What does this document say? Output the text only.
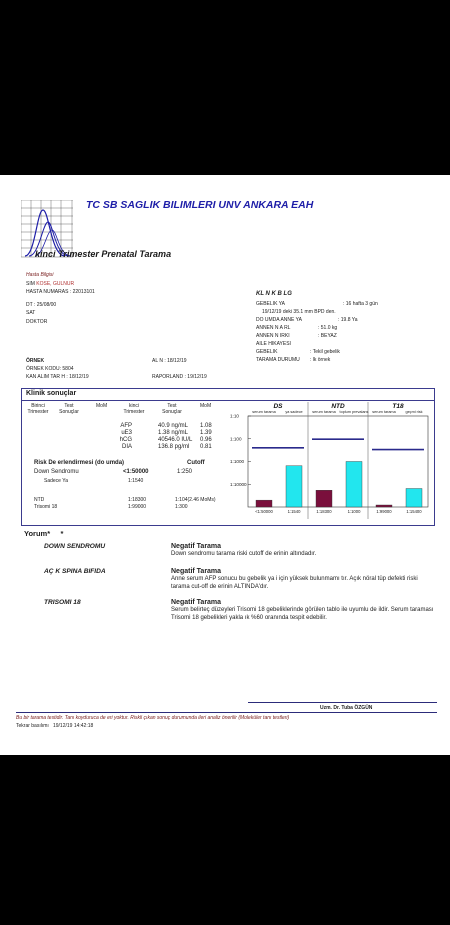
TC SB SAGLIK BILIMLERI UNV ANKARA EAH
kinci Trimester Prenatal Tarama
Hasta Bilgisi
SIM KOSE, GULNUR
HASTA NUMARAS : 22013101
DT : 25/08/00
SAT
DOKTOR
KL N K B LG
ÖRNEK
ÖRNEK KODU: 5804
KAN ALIM TAR H : 18/12/19
AL N : 18/12/19
RAPORLAND : 19/12/19
Klinik sonuçlar
Birinci Trimester
Test Sonuçlar
MoM	kinci Trimester
Test Sonuçlar
MoM
Risk De erlendirmesi (do umda)	Cutoff
Down Sendromu	<1:50000	1:250
Sadece Ya	1:1540
NTD	1:18300	1:104(2.46 MoMs)
Trisomi 18	1:99000	1:300
1:10
1:100
1:1000
1:10000
DS
serum tarama
<1:50000
ya sadece
1:1540
NTD
serum tarama
1:18300
toplum prevalans
1:1000
T18
serum tarama
1:99000
geçmi risk
1:15400
AFP	40.9 ng/mL 1.08
uE3	1.38 ng/mL 1.39
hCG	40546.0 IU/L 0.96
DIA	136.8 pg/ml 0.81
Yorum* *
Uzm. Dr. Tuba ÖZGÜN
Bu bir tarama testidir. Tanı koyduruca de eri yoktur. Riskli çıkan sonuç durumunda ileri analiz önerilir (Moleküler tanı testleri)
Tekrar basılımı 19/12/19 14:42:18
GEBELIK YA	: 16 hafta 3 gün
19/12/19 deki 35.1 mm BPD den.
DO UMDA ANNE YA	: 19.8 Ya
ANNEN N A RL	: 51.0 kg
ANNEN N IRKI	: BEYAZ
AILE HIKAYESI
GEBELIK	: Tekil gebelik
TARAMA DURUMU : lk örnek
DOWN SENDROMU	Negatif Tarama
Down sendromu tarama riski cutoff de erinin altındadır.
AÇ K SPINA BIFIDA	Negatif Tarama
Anne serum AFP sonucu bu gebelik ya i için yüksek bulunmamı tır. Açık nöral tüp defekti riski tarama cut-off de erinin ALTINDA'dır.
TRISOMI 18	Negatif Tarama
Serum belirteç düzeyleri Trisomi 18 gebeliklerinde görülen tablo ile uyumlu de ildir. Serum taraması Trisomi 18 gebelikleri yakla ık %60 oranında tespit edebilir.
